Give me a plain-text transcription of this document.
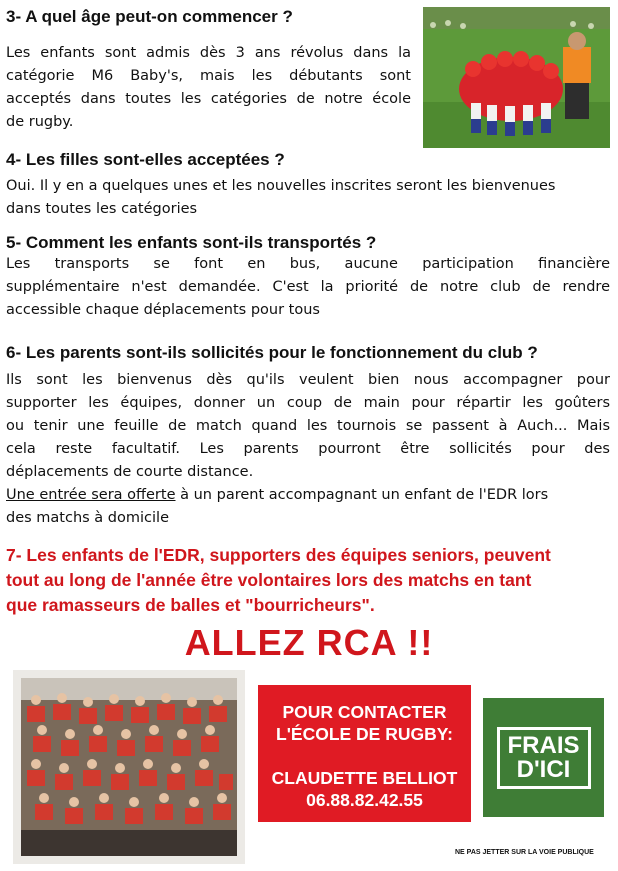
3- A quel âge peut-on commencer ?

Les enfants sont admis dès 3 ans révolus dans la

catégorie M6 Baby's, mais les débutants sont

acceptés dans toutes les catégories de notre école

de rugby.

4- Les filles sont-elles acceptées ?

Oui. Il y en a quelques unes et les nouvelles inscrites seront les bienvenues

dans toutes les catégories

5- Comment les enfants sont-ils transportés ?

Les transports se font en bus, aucune participation financière

supplémentaire n'est demandée. C'est la priorité de notre club de rendre

accessible chaque déplacements pour tous

6- Les parents sont-ils sollicités pour le fonctionnement du club ?

Ils sont les bienvenus dès qu'ils veulent bien nous accompagner pour

supporter les équipes, donner un coup de main pour répartir les goûters

ou tenir une feuille de match quand les tournois se passent à Auch... Mais

cela reste facultatif. Les parents pourront être sollicités pour des

déplacements de courte distance.

Une entrée sera offerte à un parent accompagnant un enfant de l'EDR lors

des matchs à domicile

7- Les enfants de l'EDR, supporters des équipes seniors, peuvent

tout au long de l'année être volontaires lors des matchs en tant

que ramasseurs de balles et "bourricheurs".

ALLEZ RCA !!
POUR CONTACTER
L'ÉCOLE DE RUGBY:
CLAUDETTE BELLIOT
06.88.82.42.55
FRAIS
D'ICI
NE PAS JETTER SUR LA VOIE PUBLIQUE
